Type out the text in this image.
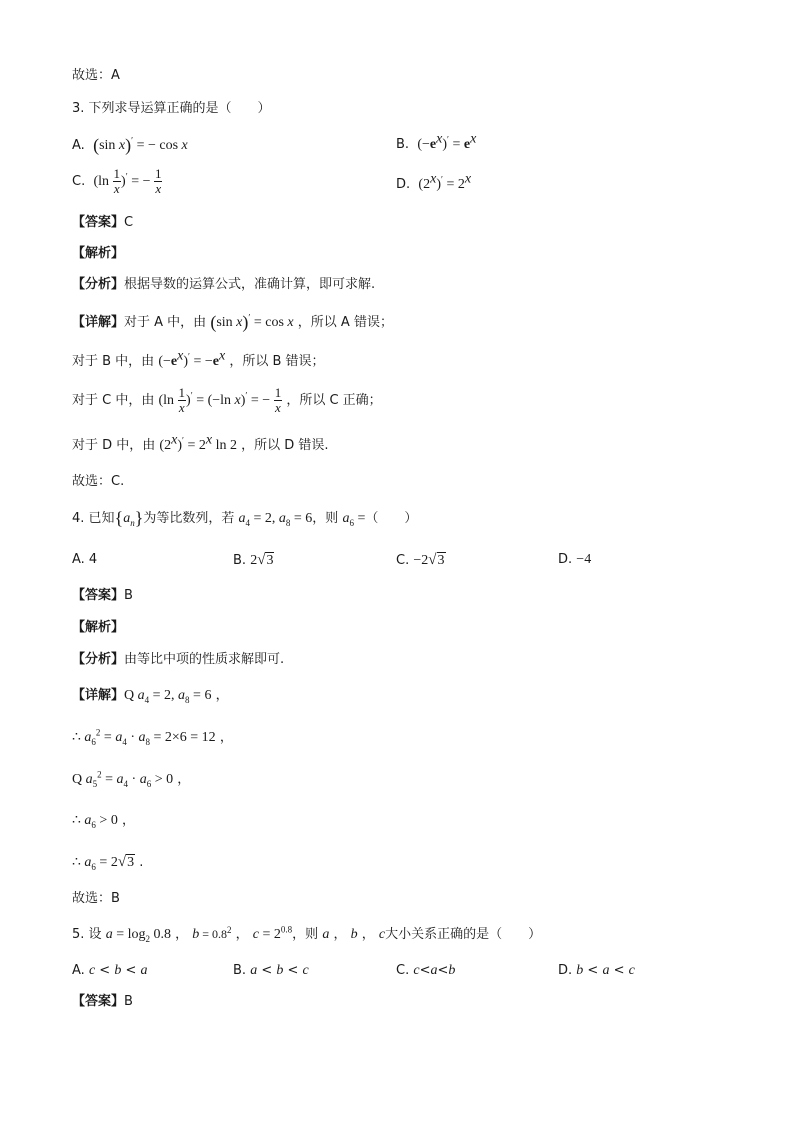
故选：A
3. 下列求导运算正确的是（　　）
A. (sin x)′ = − cos x	B. $(-e^x)' = e^x$
C. $(\ln \frac{1}{x} )'$ = − $\frac{1}{x}$	D. $(2^x)' = 2^x$
【答案】C
【解析】
【分析】根据导数的运算公式，准确计算，即可求解.
【详解】对于 A 中，由 (sin x)′ = cos x ，所以 A 错误；
对于 B 中，由 $(-e^x)' = -e^x$ ，所以 B 错误；
对于 C 中，由 $(\ln \frac{1}{x} )' = (-\ln$ x)′ = − $\frac{1}{x}$ ，所以 C 正确；
对于 D 中，由 $(2^x)' = 2^x$ ln 2 ，所以 D 错误.
故选：C.
4. 已知$\{a_n\}$为等比数列，若 $a_4 = 2$, $a_8 = 6$，则 $a_6$ =（　　）
A. 4	B. 2√3	C. −2√3	D. −4
【答案】B
【解析】
【分析】由等比中项的性质求解即可.
【详解】Q $a_4 = 2$, $a_8 = 6$ ，
∴ $a_6^2 = a_4 \cdot a_8 = 2\times 6 = 12$ ，
Q $a_5^2 = a_4 \cdot a_6 > 0$ ，
∴ $a_6 > 0$ ，
∴ $a_6 = 2√3$ .
故选：B
5. 设 $a = \log_2 0.8$ ， $b = 0.8^2$ ， $c = 2^{0.8}$，则 a ， b ， c大小关系正确的是（　　）
A. c < b < a	B. a < b < c	C. c<a<b	D. b < a < c
【答案】B
